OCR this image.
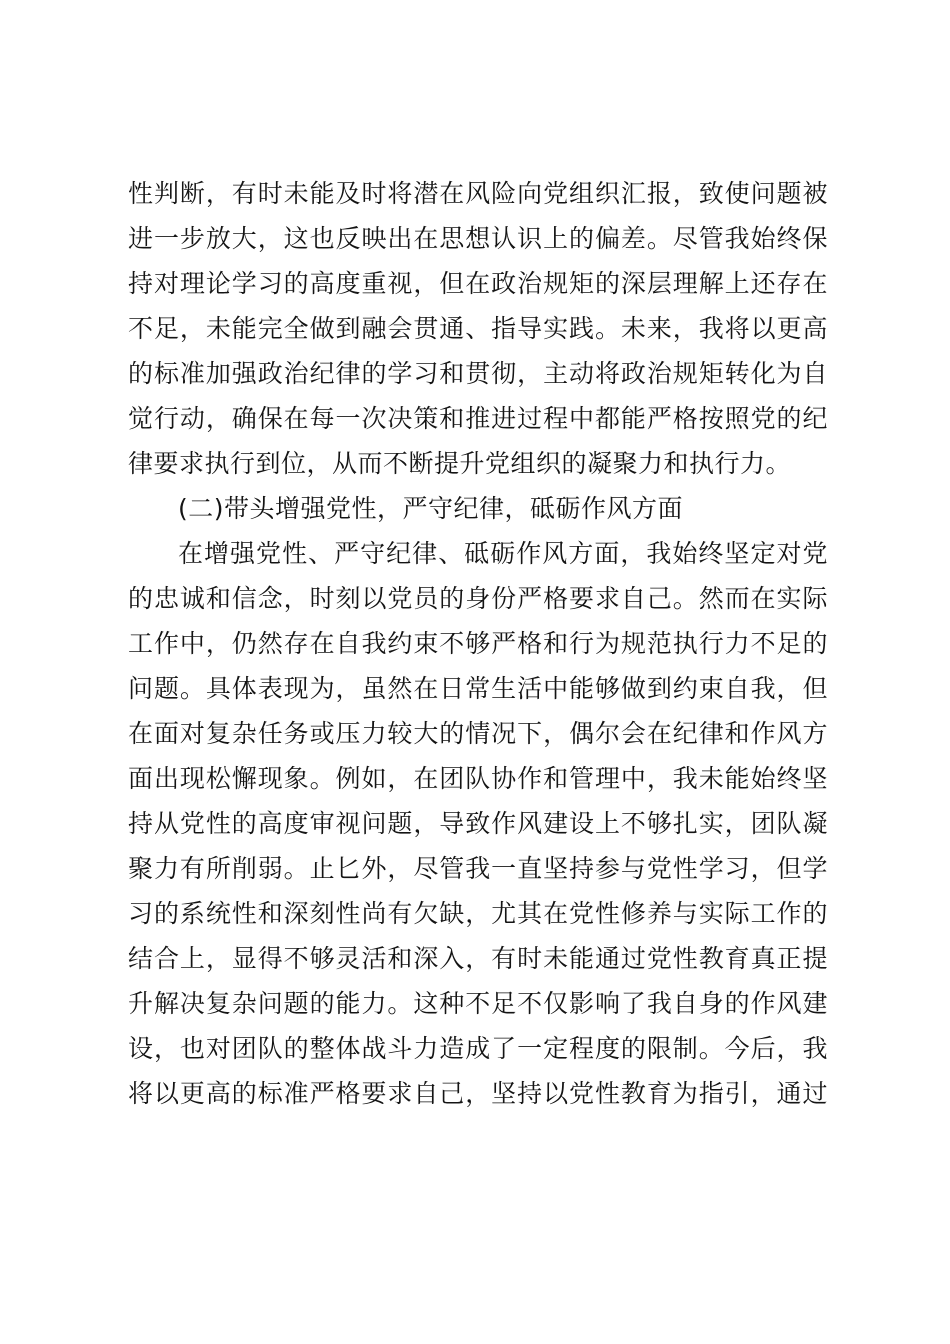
性判断，有时未能及时将潜在风险向党组织汇报，致使问题被
进一步放大，这也反映出在思想认识上的偏差。尽管我始终保
持对理论学习的高度重视，但在政治规矩的深层理解上还存在
不足，未能完全做到融会贯通、指导实践。未来，我将以更高
的标准加强政治纪律的学习和贯彻，主动将政治规矩转化为自
觉行动，确保在每一次决策和推进过程中都能严格按照党的纪
律要求执行到位，从而不断提升党组织的凝聚力和执行力。
(二)带头增强党性，严守纪律，砥砺作风方面
在增强党性、严守纪律、砥砺作风方面，我始终坚定对党
的忠诚和信念，时刻以党员的身份严格要求自己。然而在实际
工作中，仍然存在自我约束不够严格和行为规范执行力不足的
问题。具体表现为，虽然在日常生活中能够做到约束自我，但
在面对复杂任务或压力较大的情况下，偶尔会在纪律和作风方
面出现松懈现象。例如，在团队协作和管理中，我未能始终坚
持从党性的高度审视问题，导致作风建设上不够扎实，团队凝
聚力有所削弱。止匕外，尽管我一直坚持参与党性学习，但学
习的系统性和深刻性尚有欠缺，尤其在党性修养与实际工作的
结合上，显得不够灵活和深入，有时未能通过党性教育真正提
升解决复杂问题的能力。这种不足不仅影响了我自身的作风建
设，也对团队的整体战斗力造成了一定程度的限制。今后，我
将以更高的标准严格要求自己，坚持以党性教育为指引，通过
